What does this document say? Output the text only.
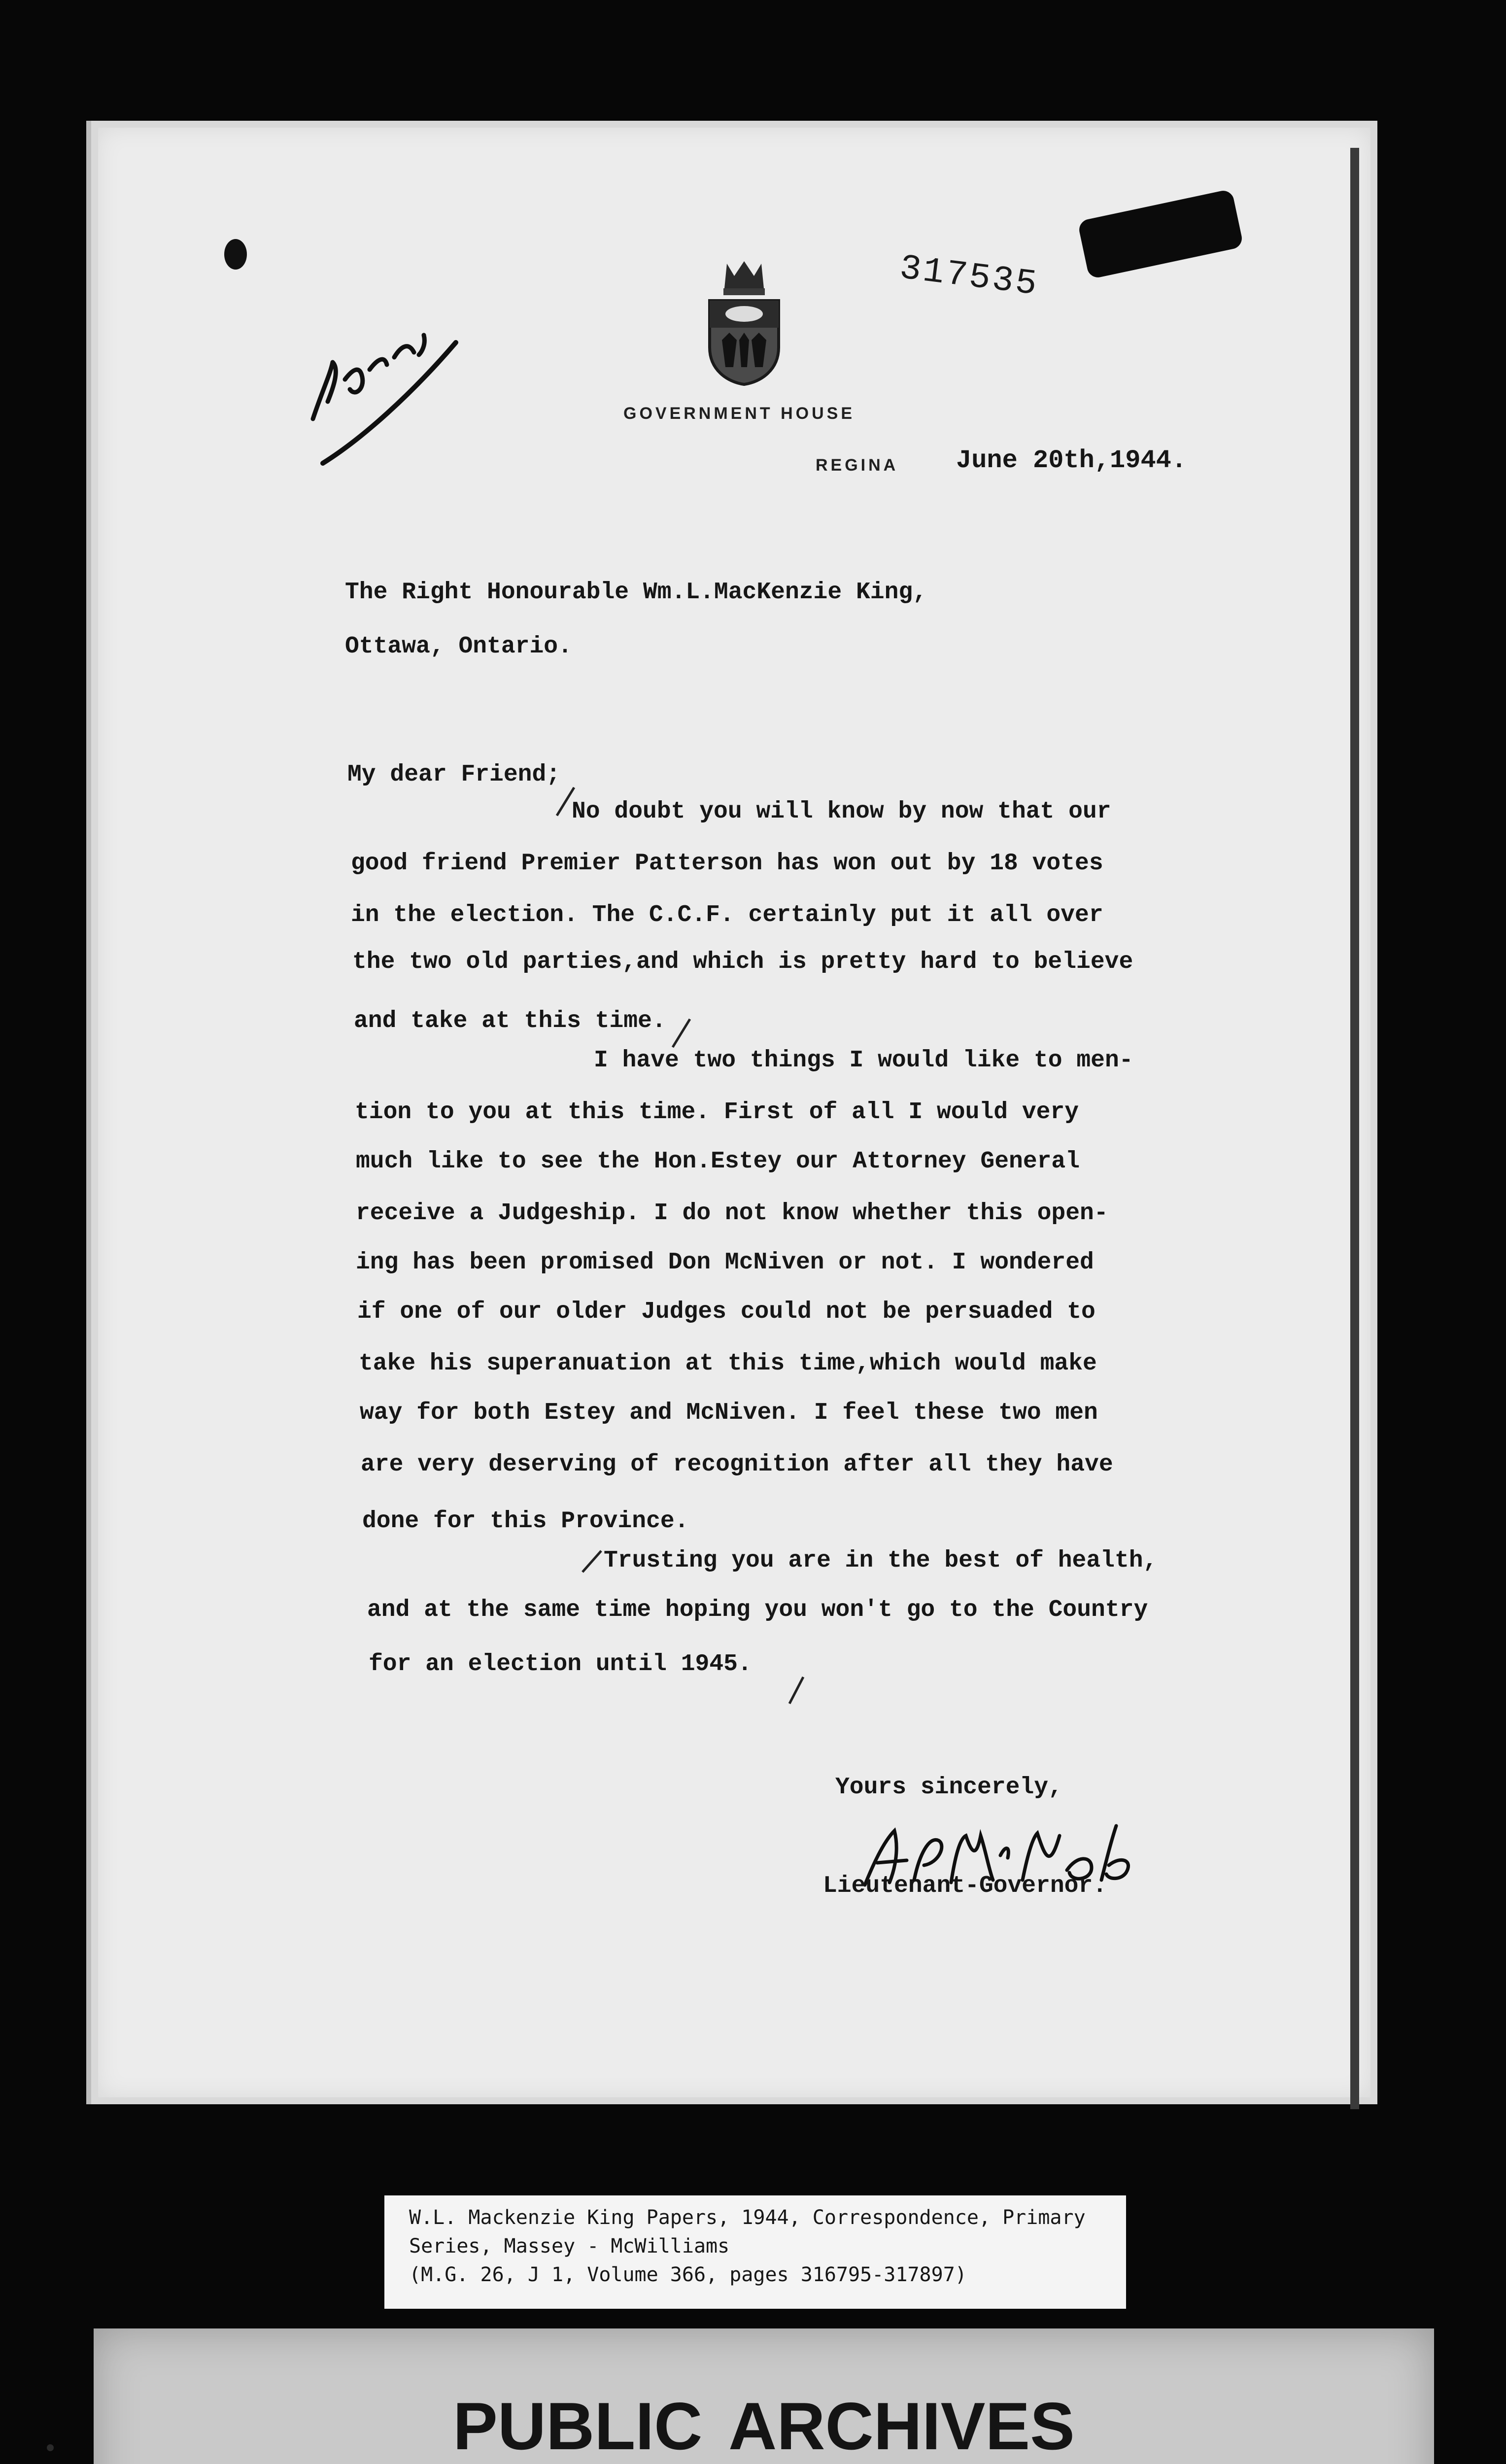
317535
GOVERNMENT HOUSE
REGINA June 20th,1944.
The Right Honourable Wm.L.MacKenzie King,
Ottawa, Ontario.
My dear Friend;
No doubt you will know by now that our
good friend Premier Patterson has won out by 18 votes
in the election. The C.C.F. certainly put it all over
the two old parties,and which is pretty hard to believe
and take at this time.
I have two things I would like to men-
tion to you at this time. First of all I would very
much like to see the Hon.Estey our Attorney General
receive a Judgeship. I do not know whether this open-
ing has been promised Don McNiven or not. I wondered
if one of our older Judges could not be persuaded to
take his superanuation at this time,which would make
way for both Estey and McNiven. I feel these two men
are very deserving of recognition after all they have
done for this Province.
Trusting you are in the best of health,
and at the same time hoping you won't go to the Country
for an election until 1945.
Yours sincerely,
Lieutenant-Governor.
W.L. Mackenzie King Papers, 1944, Correspondence, Primary
Series, Massey - McWilliams
(M.G. 26, J 1, Volume 366, pages 316795-317897)
PUBLIC ARCHIVES
